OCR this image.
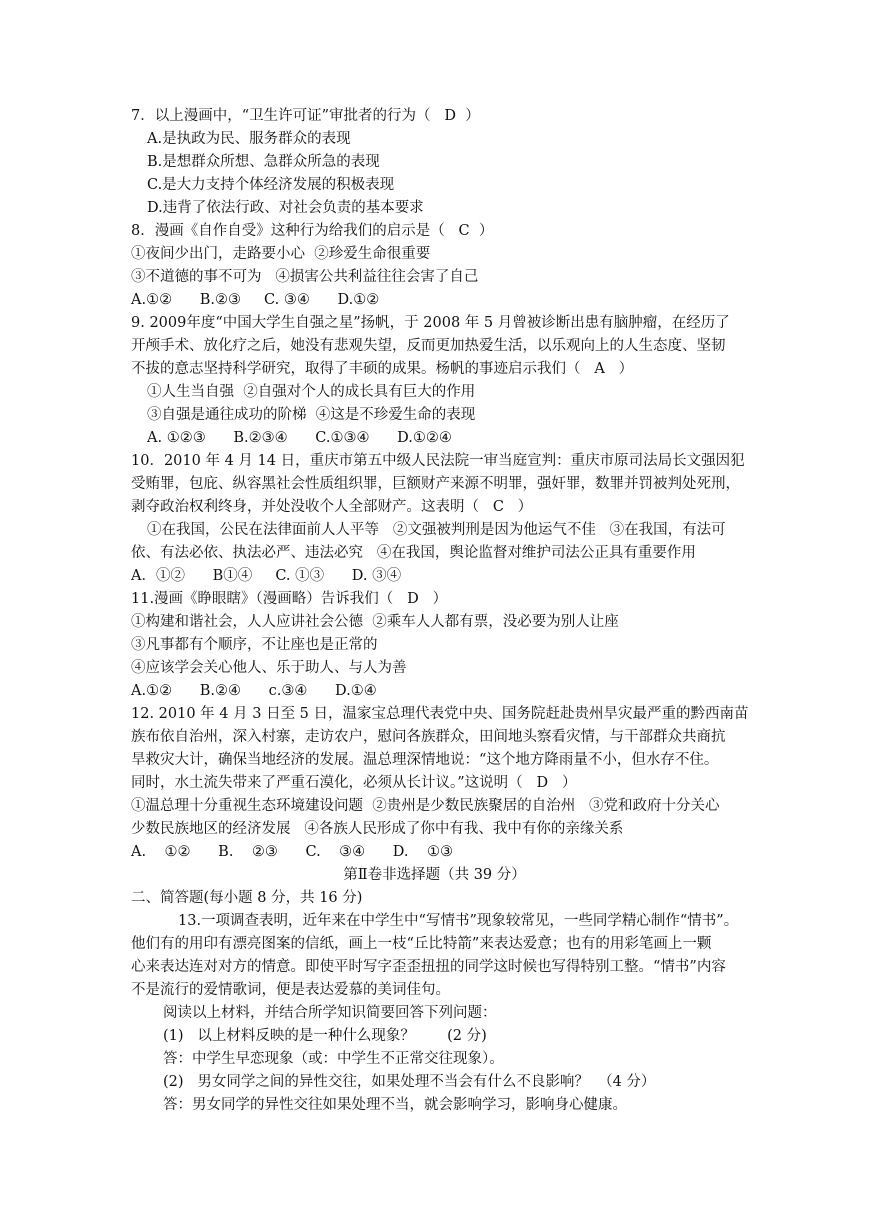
7．以上漫画中，“卫生许可证”审批者的行为（   D  ）
A.是执政为民、服务群众的表现
B.是想群众所想、急群众所急的表现
C.是大力支持个体经济发展的积极表现
D.违背了依法行政、对社会负责的基本要求
8．漫画《自作自受》这种行为给我们的启示是（   C  ）
①夜间少出门，走路要小心  ②珍爱生命很重要
③不道德的事不可为   ④损害公共利益往往会害了自己
A.①②      B.②③     C. ③④      D.①②
9. 2009年度“中国大学生自强之星”扬帆，于 2008 年 5 月曾被诊断出患有脑肿瘤，在经历了
开颅手术、放化疗之后，她没有悲观失望，反而更加热爱生活，以乐观向上的人生态度、坚韧
不拔的意志坚持科学研究，取得了丰硕的成果。杨帆的事迹启示我们（   A   ）
①人生当自强  ②自强对个人的成长具有巨大的作用
③自强是通往成功的阶梯  ④这是不珍爱生命的表现
A. ①②③      B.②③④      C.①③④      D.①②④
10．2010 年 4 月 14 日，重庆市第五中级人民法院一审当庭宣判：重庆市原司法局长文强因犯
受贿罪，包庇、纵容黑社会性质组织罪，巨额财产来源不明罪，强奸罪，数罪并罚被判处死刑，
剥夺政治权利终身，并处没收个人全部财产。这表明（   C   ）
①在我国，公民在法律面前人人平等   ②文强被判刑是因为他运气不佳   ③在我国，有法可
依、有法必依、执法必严、违法必究   ④在我国，舆论监督对维护司法公正具有重要作用
A．①②      B①④     C. ①③      D. ③④
11.漫画《睁眼瞎》（漫画略）告诉我们（   D   ）
①构建和谐社会，人人应讲社会公德  ②乘车人人都有票，没必要为别人让座
③凡事都有个顺序，不让座也是正常的
④应该学会关心他人、乐于助人、与人为善
A.①②      B.②④      c.③④      D.①④
12. 2010 年 4 月 3 日至 5 日，温家宝总理代表党中央、国务院赶赴贵州旱灾最严重的黔西南苗
族布依自治州，深入村寨，走访农户，慰问各族群众，田间地头察看灾情，与干部群众共商抗
旱救灾大计，确保当地经济的发展。温总理深情地说：“这个地方降雨量不小，但水存不住。
同时，水土流失带来了严重石漠化，必须从长计议。”这说明（   D   ）
①温总理十分重视生态环境建设问题  ②贵州是少数民族聚居的自治州   ③党和政府十分关心
少数民族地区的经济发展   ④各族人民形成了你中有我、我中有你的亲缘关系
A.    ①②      B.    ②③      C.    ③④      D.    ①③
第Ⅱ卷非选择题（共 39 分）
二、简答题(每小题 8 分，共 16 分)
13.一项调查表明，近年来在中学生中“写情书”现象较常见，一些同学精心制作“情书”。
他们有的用印有漂亮图案的信纸，画上一枝“丘比特箭”来表达爱意；也有的用彩笔画上一颗
心来表达连对对方的情意。即使平时写字歪歪扭扭的同学这时候也写得特别工整。“情书”内容
不是流行的爱情歌词，便是表达爱慕的美词佳句。
阅读以上材料，并结合所学知识简要回答下列问题：
(1)   以上材料反映的是一种什么现象？       (2 分)
答：中学生早恋现象（或：中学生不正常交往现象）。
(2)   男女同学之间的异性交往，如果处理不当会有什么不良影响？  （4 分）
答：男女同学的异性交往如果处理不当，就会影响学习，影响身心健康。
